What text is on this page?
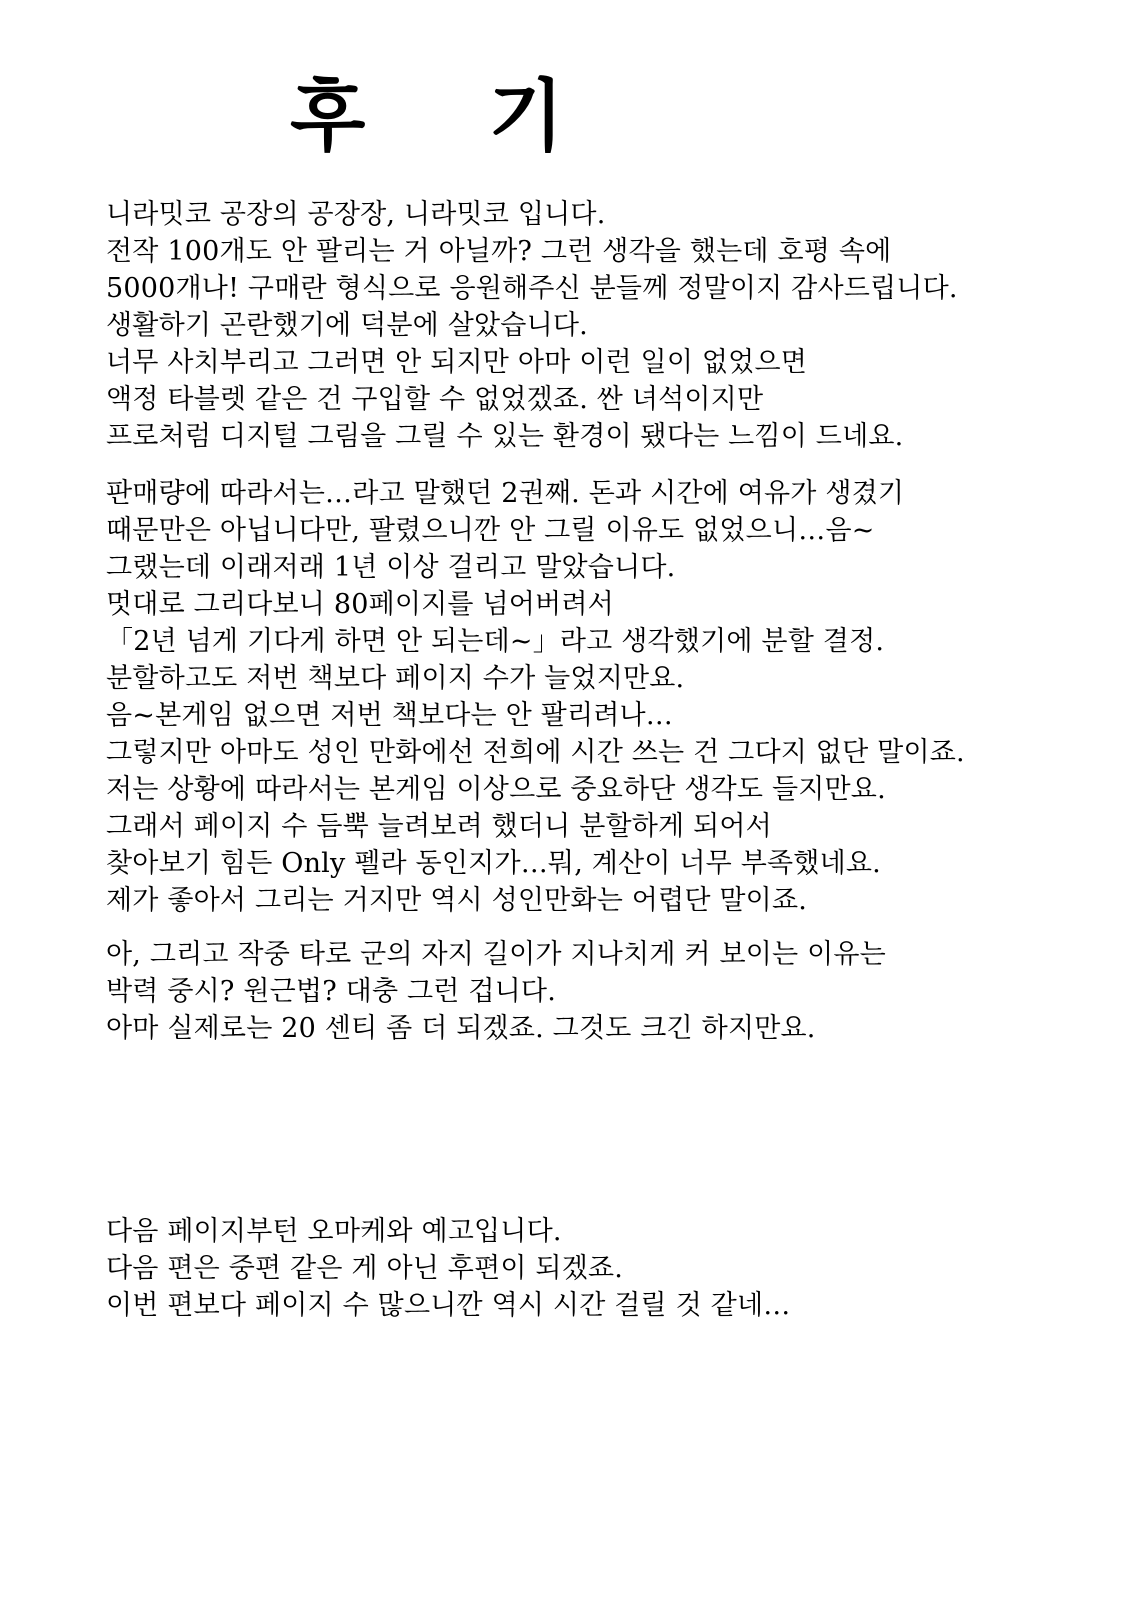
후 기
니라밋코 공장의 공장장, 니라밋코 입니다.
전작 100개도 안 팔리는 거 아닐까? 그런 생각을 했는데 호평 속에
5000개나! 구매란 형식으로 응원해주신 분들께 정말이지 감사드립니다.
생활하기 곤란했기에 덕분에 살았습니다.
너무 사치부리고 그러면 안 되지만 아마 이런 일이 없었으면
액정 타블렛 같은 건 구입할 수 없었겠죠. 싼 녀석이지만
프로처럼 디지털 그림을 그릴 수 있는 환경이 됐다는 느낌이 드네요.
판매량에 따라서는…라고 말했던 2권째. 돈과 시간에 여유가 생겼기
때문만은 아닙니다만, 팔렸으니깐 안 그릴 이유도 없었으니…음~
그랬는데 이래저래 1년 이상 걸리고 말았습니다.
멋대로 그리다보니 80페이지를 넘어버려서
「2년 넘게 기다게 하면 안 되는데~」라고 생각했기에 분할 결정.
분할하고도 저번 책보다 페이지 수가 늘었지만요.
음~본게임 없으면 저번 책보다는 안 팔리려나…
그렇지만 아마도 성인 만화에선 전희에 시간 쓰는 건 그다지 없단 말이죠.
저는 상황에 따라서는 본게임 이상으로 중요하단 생각도 들지만요.
그래서 페이지 수 듬뿍 늘려보려 했더니 분할하게 되어서
찾아보기 힘든 Only 펠라 동인지가…뭐, 계산이 너무 부족했네요.
제가 좋아서 그리는 거지만 역시 성인만화는 어렵단 말이죠.
아, 그리고 작중 타로 군의 자지 길이가 지나치게 커 보이는 이유는
박력 중시? 원근법? 대충 그런 겁니다.
아마 실제로는 20 센티 좀 더 되겠죠. 그것도 크긴 하지만요.
다음 페이지부턴 오마케와 예고입니다.
다음 편은 중편 같은 게 아닌 후편이 되겠죠.
이번 편보다 페이지 수 많으니깐 역시 시간 걸릴 것 같네…
